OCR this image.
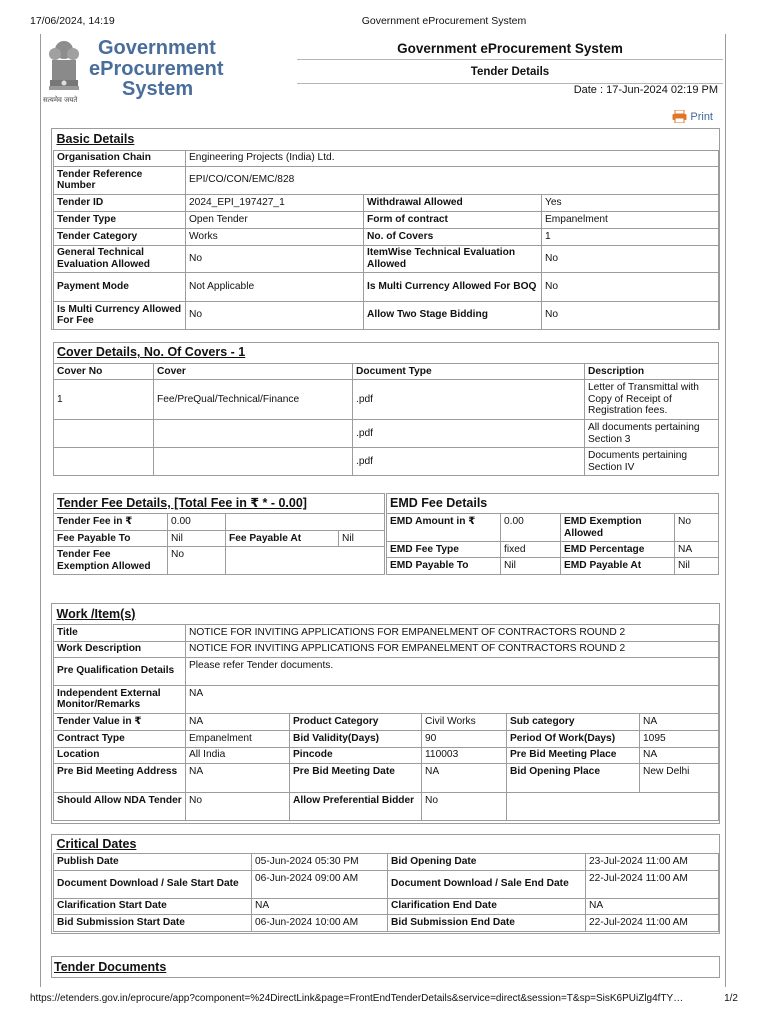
17/06/2024, 14:19	Government eProcurement System
सत्यमेव जयते
Government
eProcurement
System
Government eProcurement System
Tender Details
Date : 17-Jun-2024 02:19 PM
Print
Basic Details			
Organisation Chain	Engineering Projects (India) Ltd.		
Tender Reference Number	EPI/CO/CON/EMC/828		
Tender ID	2024_EPI_197427_1	Withdrawal Allowed	Yes
Tender Type	Open Tender	Form of contract	Empanelment
Tender Category	Works	No. of Covers	1
General Technical Evaluation Allowed	No	ItemWise Technical Evaluation Allowed	No
Payment Mode	Not Applicable	Is Multi Currency Allowed For BOQ	No
Is Multi Currency Allowed For Fee	No	Allow Two Stage Bidding	No
Cover Details, No. Of Covers - 1			
Cover No	Cover	Document Type	Description
1	Fee/PreQual/Technical/Finance	.pdf	Letter of Transmittal with Copy of Receipt of Registration fees.
		.pdf	All documents pertaining Section 3
		.pdf	Documents pertaining Section IV
Tender Fee Details, [Total Fee in ₹ * - 0.00]			
Tender Fee in ₹	0.00		
Fee Payable To	Nil	Fee Payable At	Nil
Tender Fee Exemption Allowed	No		
EMD Fee Details			
EMD Amount in ₹	0.00	EMD Exemption Allowed	No
EMD Fee Type	fixed	EMD Percentage	NA
EMD Payable To	Nil	EMD Payable At	Nil
Work /Item(s)					
Title	NOTICE FOR INVITING APPLICATIONS FOR EMPANELMENT OF CONTRACTORS ROUND 2				
Work Description	NOTICE FOR INVITING APPLICATIONS FOR EMPANELMENT OF CONTRACTORS ROUND 2				
Pre Qualification Details	Please refer Tender documents.				
Independent External Monitor/Remarks	NA				
Tender Value in ₹	NA	Product Category	Civil Works	Sub category	NA
Contract Type	Empanelment	Bid Validity(Days)	90	Period Of Work(Days)	1095
Location	All India	Pincode	110003	Pre Bid Meeting Place	NA
Pre Bid Meeting Address	NA	Pre Bid Meeting Date	NA	Bid Opening Place	New Delhi
Should Allow NDA Tender	No	Allow Preferential Bidder	No		
Critical Dates			
Publish Date	05-Jun-2024 05:30 PM	Bid Opening Date	23-Jul-2024 11:00 AM
Document Download / Sale Start Date	06-Jun-2024 09:00 AM	Document Download / Sale End Date	22-Jul-2024 11:00 AM
Clarification Start Date	NA	Clarification End Date	NA
Bid Submission Start Date	06-Jun-2024 10:00 AM	Bid Submission End Date	22-Jul-2024 11:00 AM
Tender Documents
https://etenders.gov.in/eprocure/app?component=%24DirectLink&page=FrontEndTenderDetails&service=direct&session=T&sp=SisK6PUiZlg4fTY…	1/2
